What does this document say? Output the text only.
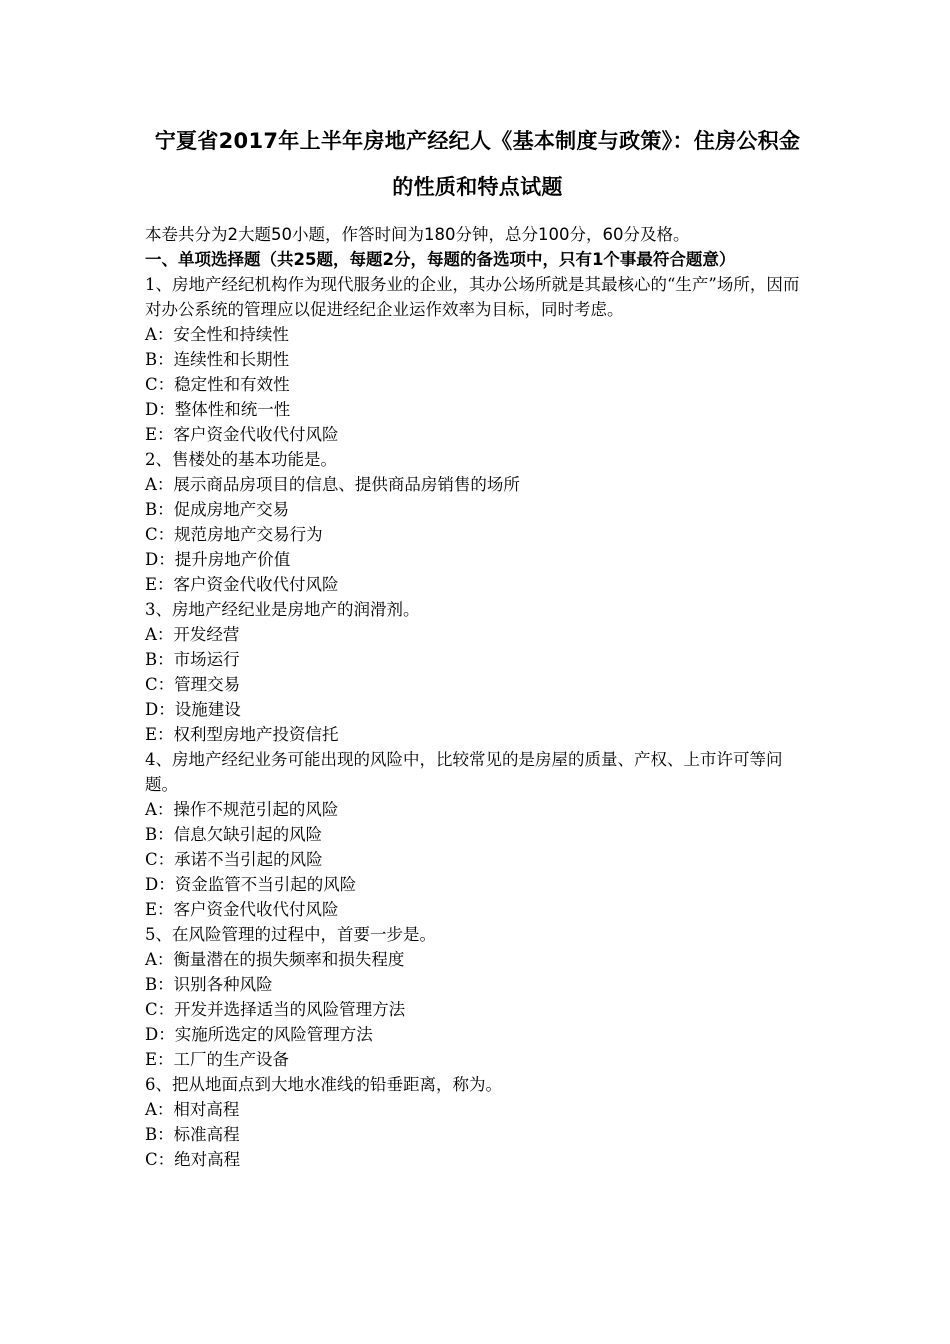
宁夏省2017年上半年房地产经纪人《基本制度与政策》：住房公积金的性质和特点试题
本卷共分为2大题50小题，作答时间为180分钟，总分100分，60分及格。
一、单项选择题（共25题，每题2分，每题的备选项中，只有1个事最符合题意）
1、房地产经纪机构作为现代服务业的企业，其办公场所就是其最核心的“生产”场所，因而对办公系统的管理应以促进经纪企业运作效率为目标，同时考虑。
A：安全性和持续性
B：连续性和长期性
C：稳定性和有效性
D：整体性和统一性
E：客户资金代收代付风险
2、售楼处的基本功能是。
A：展示商品房项目的信息、提供商品房销售的场所
B：促成房地产交易
C：规范房地产交易行为
D：提升房地产价值
E：客户资金代收代付风险
3、房地产经纪业是房地产的润滑剂。
A：开发经营
B：市场运行
C：管理交易
D：设施建设
E：权利型房地产投资信托
4、房地产经纪业务可能出现的风险中，比较常见的是房屋的质量、产权、上市许可等问题。
A：操作不规范引起的风险
B：信息欠缺引起的风险
C：承诺不当引起的风险
D：资金监管不当引起的风险
E：客户资金代收代付风险
5、在风险管理的过程中，首要一步是。
A：衡量潜在的损失频率和损失程度
B：识别各种风险
C：开发并选择适当的风险管理方法
D：实施所选定的风险管理方法
E：工厂的生产设备
6、把从地面点到大地水准线的铅垂距离，称为。
A：相对高程
B：标准高程
C：绝对高程
